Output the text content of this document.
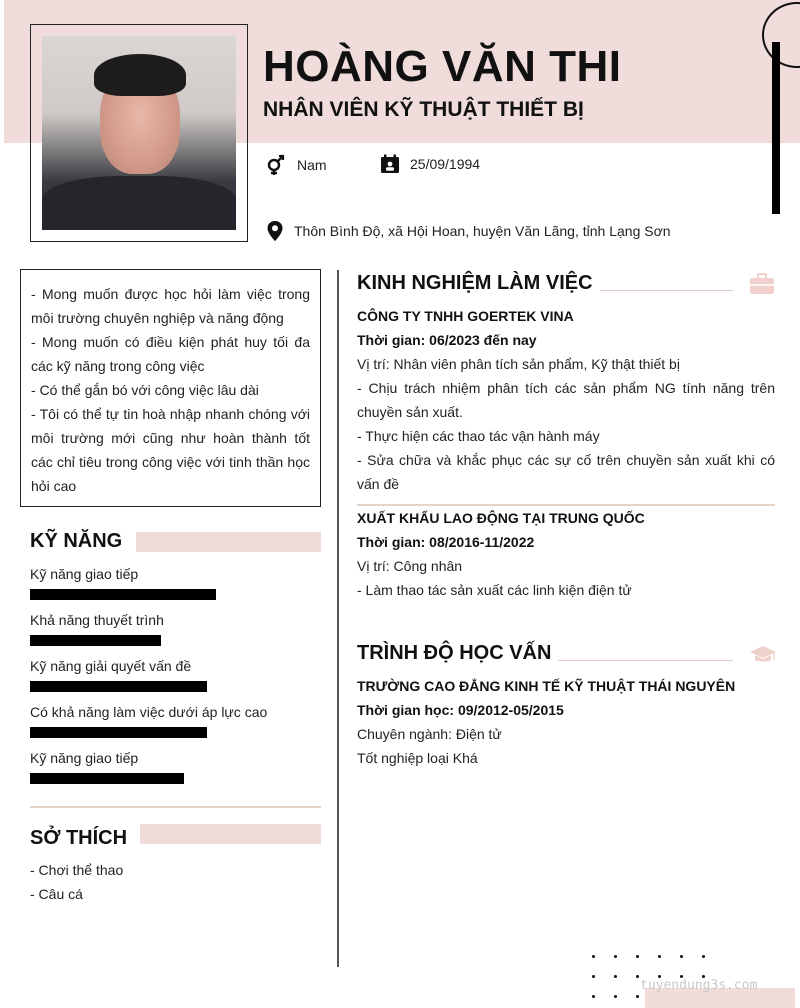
HOÀNG VĂN THI
NHÂN VIÊN KỸ THUẬT THIẾT BỊ
Nam	25/09/1994
Thôn Bình Độ, xã Hội Hoan, huyện Văn Lãng, tỉnh Lạng Sơn
- Mong muốn được học hỏi làm việc trong môi trường chuyên nghiệp và năng động
- Mong muốn có điều kiện phát huy tối đa các kỹ năng trong công việc
- Có thể gắn bó với công việc lâu dài
- Tôi có thể tự tin hoà nhập nhanh chóng với môi trường mới cũng như hoàn thành tốt các chỉ tiêu trong công việc với tinh thần học hỏi cao
KỸ NĂNG
Kỹ năng giao tiếp
Khả năng thuyết trình
Kỹ năng giải quyết vấn đề
Có khả năng làm việc dưới áp lực cao
Kỹ năng giao tiếp
SỞ THÍCH
- Chơi thể thao
- Câu cá
KINH NGHIỆM LÀM VIỆC
CÔNG TY TNHH GOERTEK VINA
Thời gian: 06/2023 đến nay
Vị trí: Nhân viên phân tích sản phẩm, Kỹ thật thiết bị
- Chịu trách nhiệm phân tích các sản phẩm NG tính năng trên chuyền sản xuất.
- Thực hiện các thao tác vận hành máy
- Sửa chữa và khắc phục các sự cố trên chuyền sản xuất khi có vấn đề
XUẤT KHẨU LAO ĐỘNG TẠI TRUNG QUỐC
Thời gian: 08/2016-11/2022
Vị trí: Công nhân
- Làm thao tác sản xuất các linh kiện điện tử
TRÌNH ĐỘ HỌC VẤN
TRƯỜNG CAO ĐẲNG KINH TẾ KỸ THUẬT THÁI NGUYÊN
Thời gian học: 09/2012-05/2015
Chuyên ngành: Điện tử
Tốt nghiệp loại Khá
tuyendung3s.com
